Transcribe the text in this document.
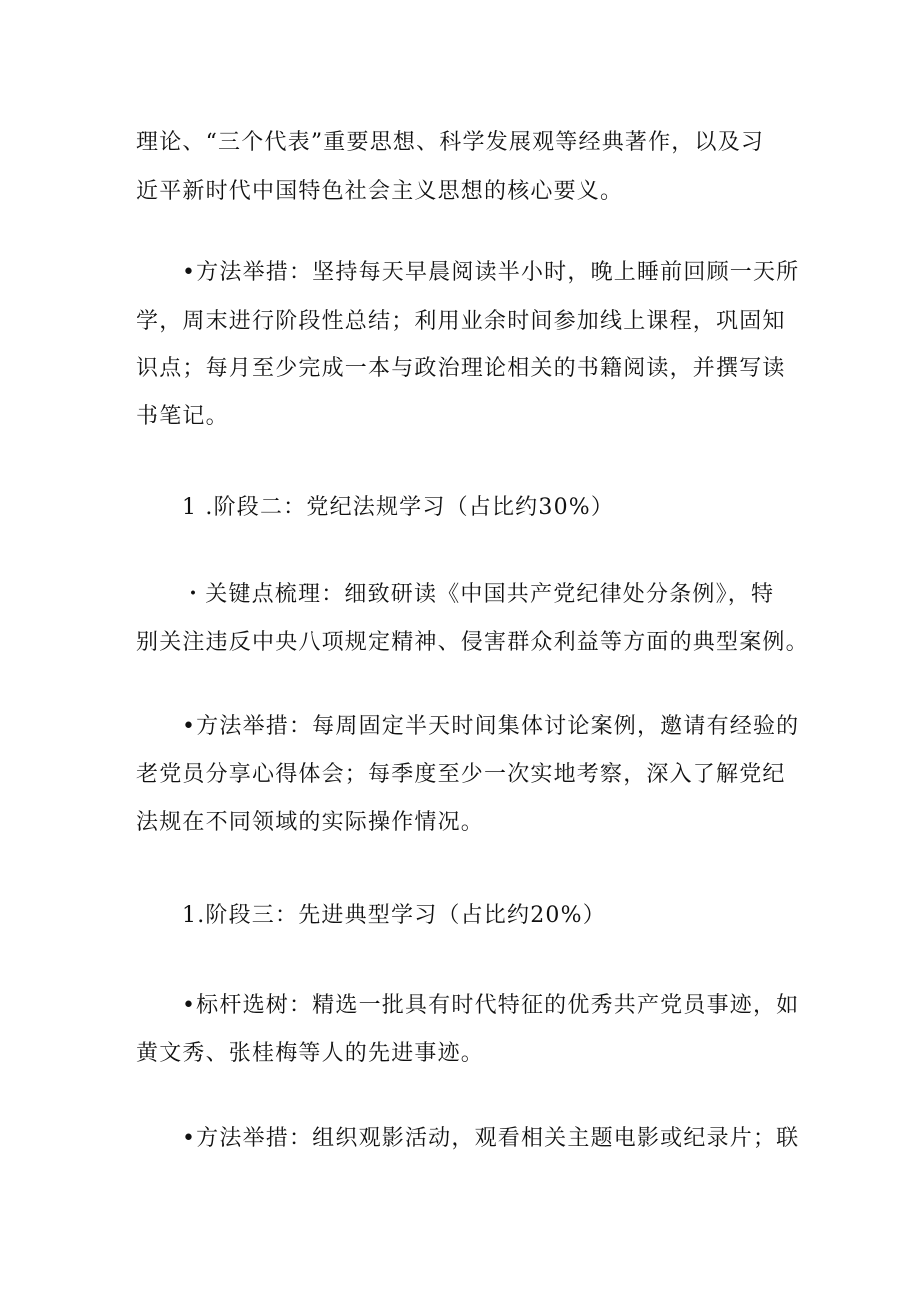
理论、“三个代表”重要思想、科学发展观等经典著作，以及习
近平新时代中国特色社会主义思想的核心要义。
•方法举措：坚持每天早晨阅读半小时，晚上睡前回顾一天所
学，周末进行阶段性总结；利用业余时间参加线上课程，巩固知
识点；每月至少完成一本与政治理论相关的书籍阅读，并撰写读
书笔记。
1 .阶段二：党纪法规学习（占比约30%）
・关键点梳理：细致研读《中国共产党纪律处分条例》，特
别关注违反中央八项规定精神、侵害群众利益等方面的典型案例。
•方法举措：每周固定半天时间集体讨论案例，邀请有经验的
老党员分享心得体会；每季度至少一次实地考察，深入了解党纪
法规在不同领域的实际操作情况。
1.阶段三：先进典型学习（占比约20%）
•标杆选树：精选一批具有时代特征的优秀共产党员事迹，如
黄文秀、张桂梅等人的先进事迹。
•方法举措：组织观影活动，观看相关主题电影或纪录片；联
